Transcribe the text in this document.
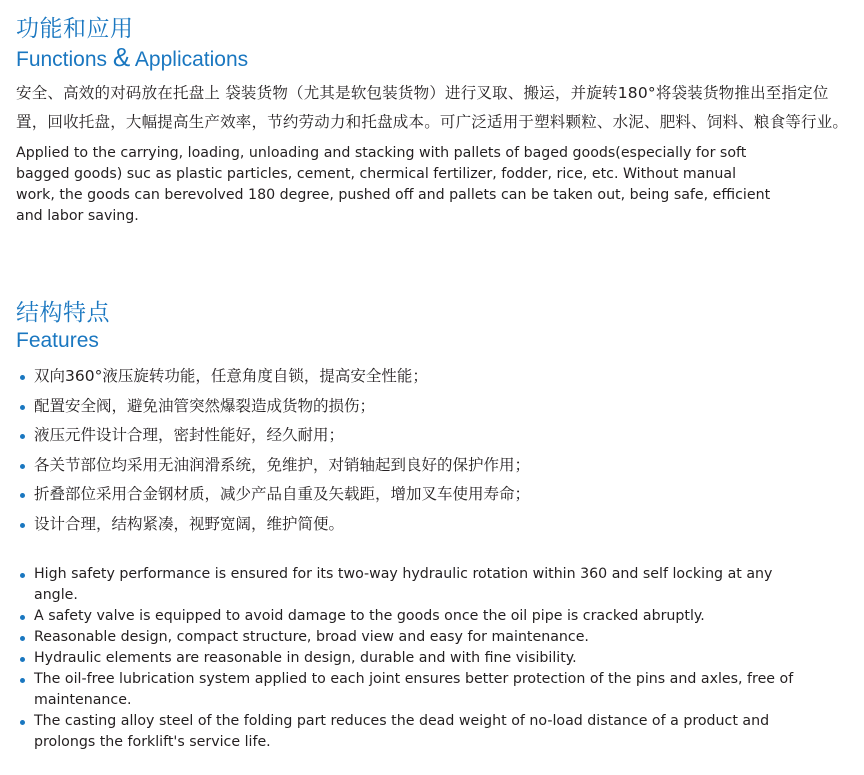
功能和应用
Functions & Applications
安全、高效的对码放在托盘上 袋装货物（尤其是软包装货物）进行叉取、搬运，并旋转180°将袋装货物推出至指定位置，回收托盘，大幅提高生产效率，节约劳动力和托盘成本。可广泛适用于塑料颗粒、水泥、肥料、饲料、粮食等行业。
Applied to the carrying, loading, unloading and stacking with pallets of baged goods(especially for soft bagged goods) suc as plastic particles, cement, chermical fertilizer, fodder, rice, etc. Without manual work, the goods can berevolved 180 degree, pushed off and pallets can be taken out, being safe, efficient and labor saving.
结构特点
Features
双向360°液压旋转功能，任意角度自锁，提高安全性能；
配置安全阀，避免油管突然爆裂造成货物的损伤；
液压元件设计合理，密封性能好，经久耐用；
各关节部位均采用无油润滑系统，免维护，对销轴起到良好的保护作用；
折叠部位采用合金钢材质，减少产品自重及矢载距，增加叉车使用寿命；
设计合理，结构紧凑，视野宽阔，维护简便。
High safety performance is ensured for its two-way hydraulic rotation within 360 and self locking at any angle.
A safety valve is equipped to avoid damage to the goods once the oil pipe is cracked abruptly.
Reasonable design, compact structure, broad view and easy for maintenance.
Hydraulic elements are reasonable in design, durable and with fine visibility.
The oil-free lubrication system applied to each joint ensures better protection of the pins and axles, free of maintenance.
The casting alloy steel of the folding part reduces the dead weight of no-load distance of a product and prolongs the forklift's service life.
